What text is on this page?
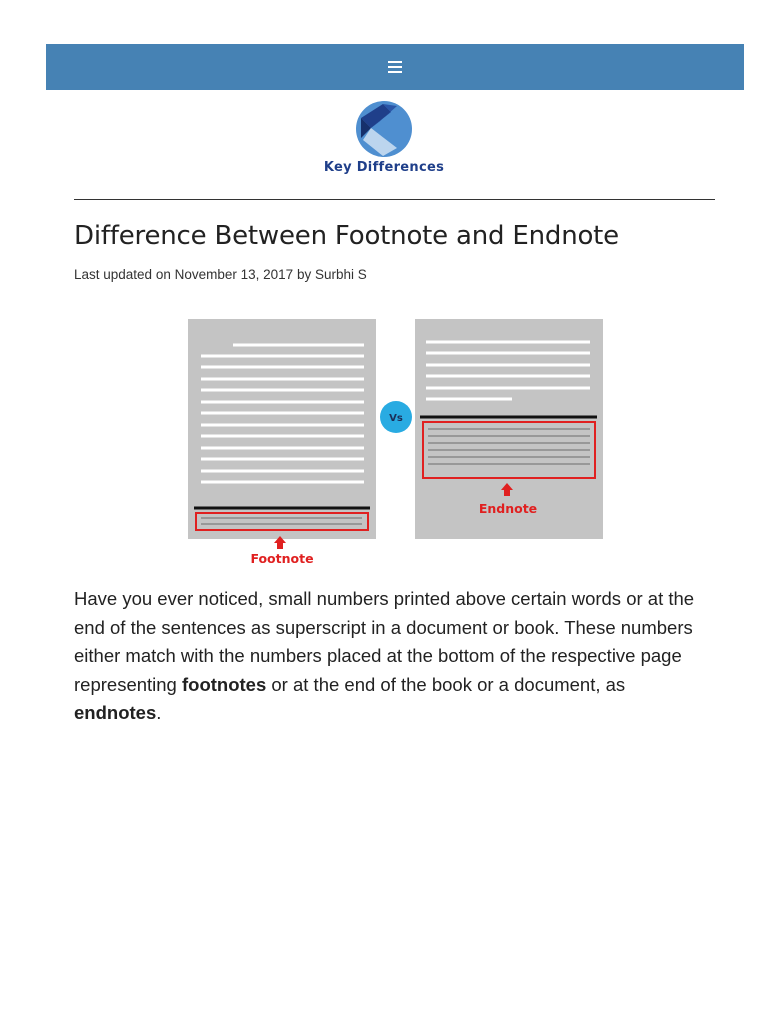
Key Differences
Difference Between Footnote and Endnote
Last updated on November 13, 2017 by Surbhi S
Footnote
Vs
Endnote

Have you ever noticed, small numbers printed above certain words or at the end of the sentences as superscript in a document or book. These numbers either match with the numbers placed at the bottom of the respective page representing footnotes or at the end of the book or a document, as endnotes.
